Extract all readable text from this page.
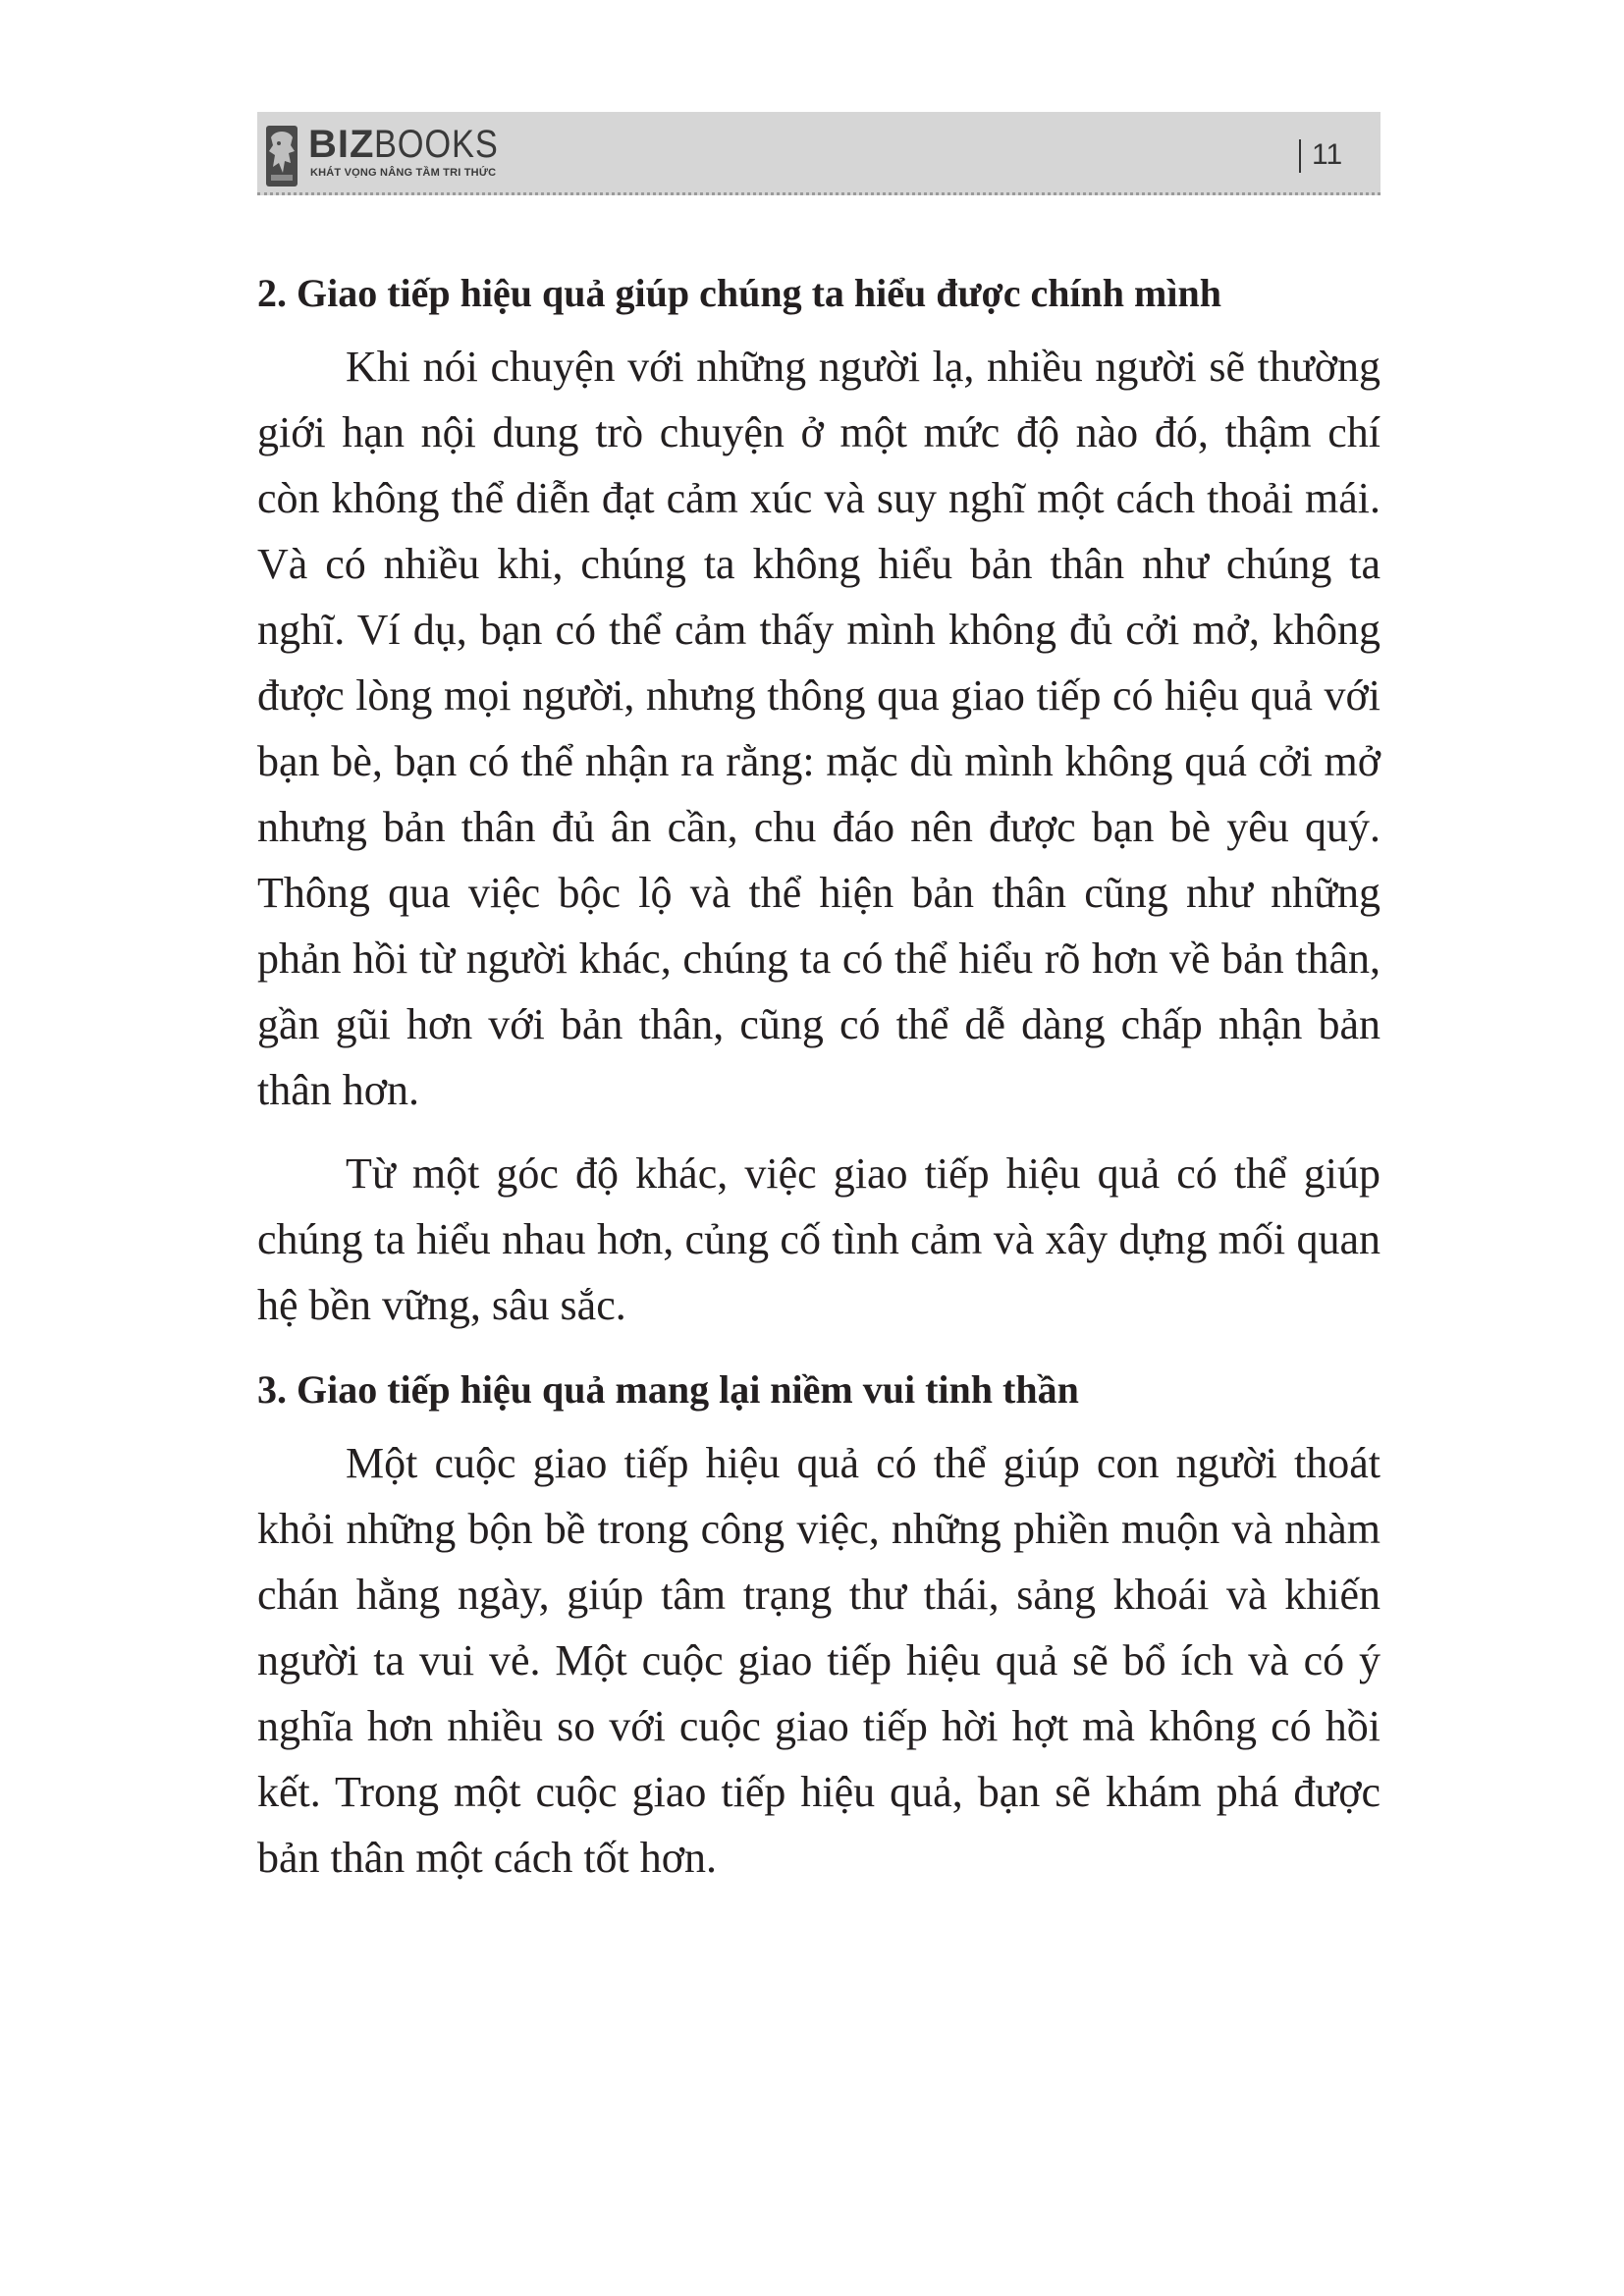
BIZBOOKS
KHÁT VỌNG NÂNG TẦM TRI THỨC
11
2. Giao tiếp hiệu quả giúp chúng ta hiểu được chính mình

Khi nói chuyện với những người lạ, nhiều người sẽ thường giới hạn nội dung trò chuyện ở một mức độ nào đó, thậm chí còn không thể diễn đạt cảm xúc và suy nghĩ một cách thoải mái. Và có nhiều khi, chúng ta không hiểu bản thân như chúng ta nghĩ. Ví dụ, bạn có thể cảm thấy mình không đủ cởi mở, không được lòng mọi người, nhưng thông qua giao tiếp có hiệu quả với bạn bè, bạn có thể nhận ra rằng: mặc dù mình không quá cởi mở nhưng bản thân đủ ân cần, chu đáo nên được bạn bè yêu quý. Thông qua việc bộc lộ và thể hiện bản thân cũng như những phản hồi từ người khác, chúng ta có thể hiểu rõ hơn về bản thân, gần gũi hơn với bản thân, cũng có thể dễ dàng chấp nhận bản thân hơn.

Từ một góc độ khác, việc giao tiếp hiệu quả có thể giúp chúng ta hiểu nhau hơn, củng cố tình cảm và xây dựng mối quan hệ bền vững, sâu sắc.

3. Giao tiếp hiệu quả mang lại niềm vui tinh thần

Một cuộc giao tiếp hiệu quả có thể giúp con người thoát khỏi những bộn bề trong công việc, những phiền muộn và nhàm chán hằng ngày, giúp tâm trạng thư thái, sảng khoái và khiến người ta vui vẻ. Một cuộc giao tiếp hiệu quả sẽ bổ ích và có ý nghĩa hơn nhiều so với cuộc giao tiếp hời hợt mà không có hồi kết. Trong một cuộc giao tiếp hiệu quả, bạn sẽ khám phá được bản thân một cách tốt hơn.
